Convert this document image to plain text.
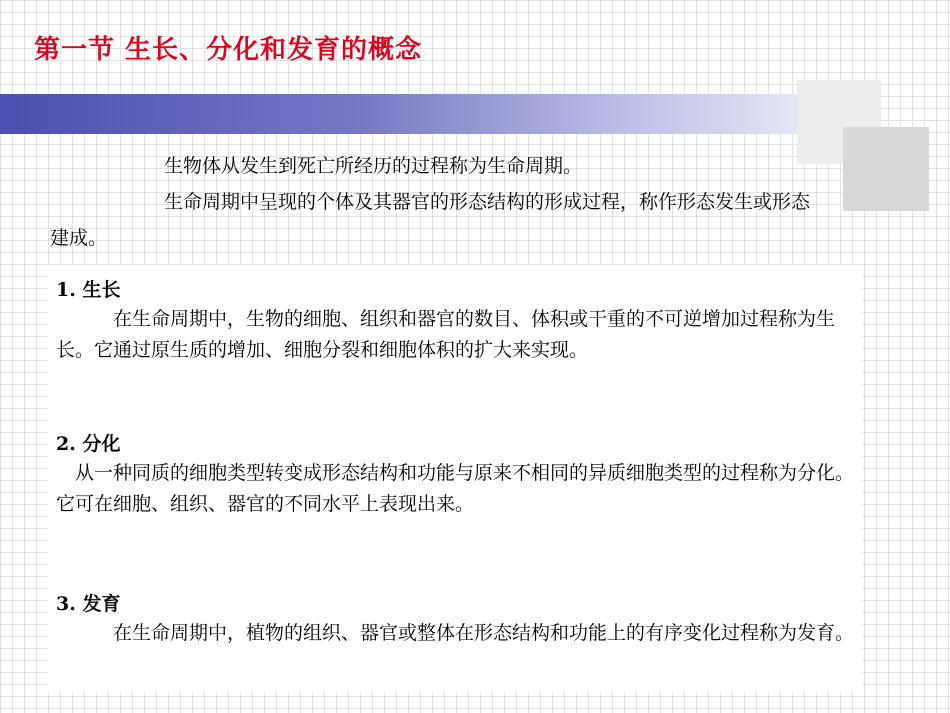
第一节 生长、分化和发育的概念

生物体从发生到死亡所经历的过程称为生命周期。

生命周期中呈现的个体及其器官的形态结构的形成过程，称作形态发生或形态建成。

1. 生长

在生命周期中，生物的细胞、组织和器官的数目、体积或干重的不可逆增加过程称为生长。它通过原生质的增加、细胞分裂和细胞体积的扩大来实现。

2. 分化

从一种同质的细胞类型转变成形态结构和功能与原来不相同的异质细胞类型的过程称为分化。它可在细胞、组织、器官的不同水平上表现出来。

3. 发育

在生命周期中，植物的组织、器官或整体在形态结构和功能上的有序变化过程称为发育。
